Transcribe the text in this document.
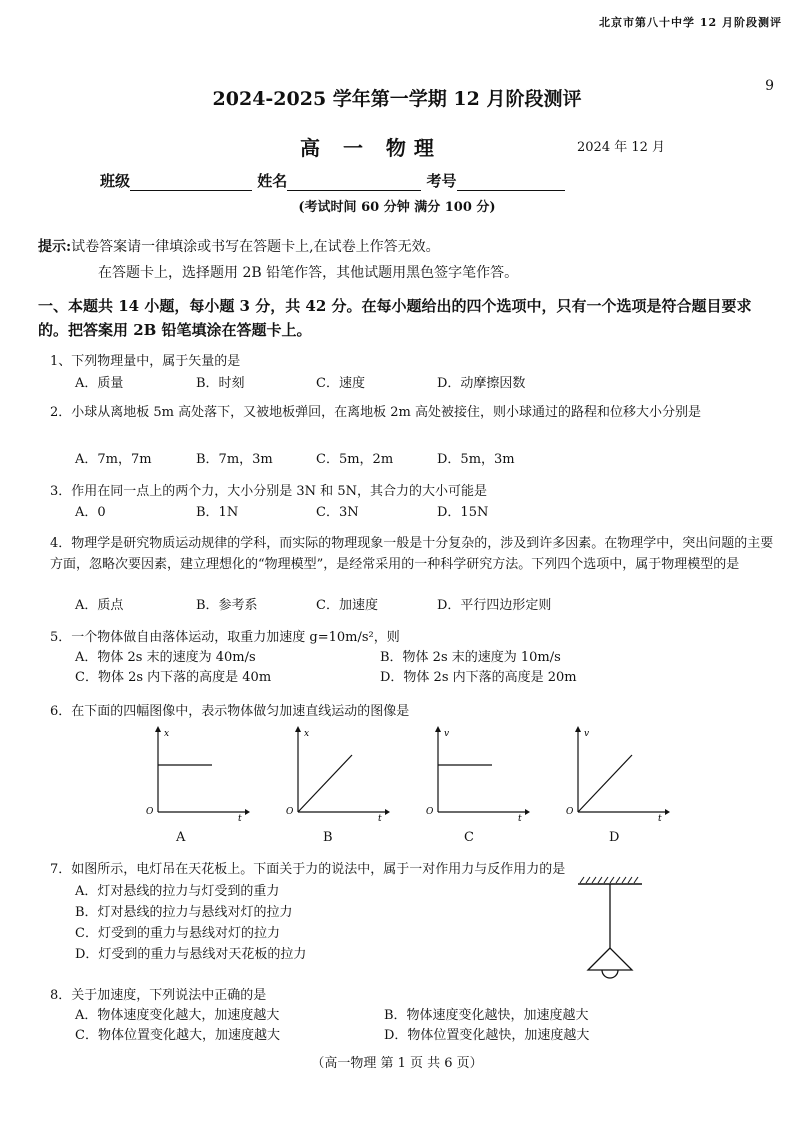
北京市第八十中学 12 月阶段测评
9
2024-2025 学年第一学期 12 月阶段测评
高 一 物理	2024 年 12 月
班级	姓名	考号
(考试时间 60 分钟 满分 100 分)
提示:试卷答案请一律填涂或书写在答题卡上,在试卷上作答无效。
在答题卡上，选择题用 2B 铅笔作答，其他试题用黑色签字笔作答。
一、本题共 14 小题，每小题 3 分，共 42 分。在每小题给出的四个选项中，只有一个选项是符合题目要求的。把答案用 2B 铅笔填涂在答题卡上。
1、下列物理量中，属于矢量的是
A．质量	B．时刻	C．速度	D．动摩擦因数
2．小球从离地板 5m 高处落下，又被地板弹回，在离地板 2m 高处被接住，则小球通过的路程和位移大小分别是
A．7m，7m	B．7m，3m	C．5m，2m	D．5m，3m
3．作用在同一点上的两个力，大小分别是 3N 和 5N，其合力的大小可能是
A．0	B．1N	C．3N	D．15N
4．物理学是研究物质运动规律的学科，而实际的物理现象一般是十分复杂的，涉及到许多因素。在物理学中，突出问题的主要方面，忽略次要因素，建立理想化的“物理模型”，是经常采用的一种科学研究方法。下列四个选项中，属于物理模型的是
A．质点	B．参考系	C．加速度	D．平行四边形定则
5．一个物体做自由落体运动，取重力加速度 g=10m/s²，则
A．物体 2s 末的速度为 40m/s	B．物体 2s 末的速度为 10m/s
C．物体 2s 内下落的高度是 40m	D．物体 2s 内下落的高度是 20m
6．在下面的四幅图像中，表示物体做匀加速直线运动的图像是
x
O
t
x
O
t
v
O
t
v
O
t
A	B	C	D
7．如图所示，电灯吊在天花板上。下面关于力的说法中，属于一对作用力与反作用力的是
A．灯对悬线的拉力与灯受到的重力
B．灯对悬线的拉力与悬线对灯的拉力
C．灯受到的重力与悬线对灯的拉力
D．灯受到的重力与悬线对天花板的拉力
8．关于加速度，下列说法中正确的是
A．物体速度变化越大，加速度越大	B．物体速度变化越快，加速度越大
C．物体位置变化越大，加速度越大	D．物体位置变化越快，加速度越大
（高一物理 第 1 页 共 6 页）
